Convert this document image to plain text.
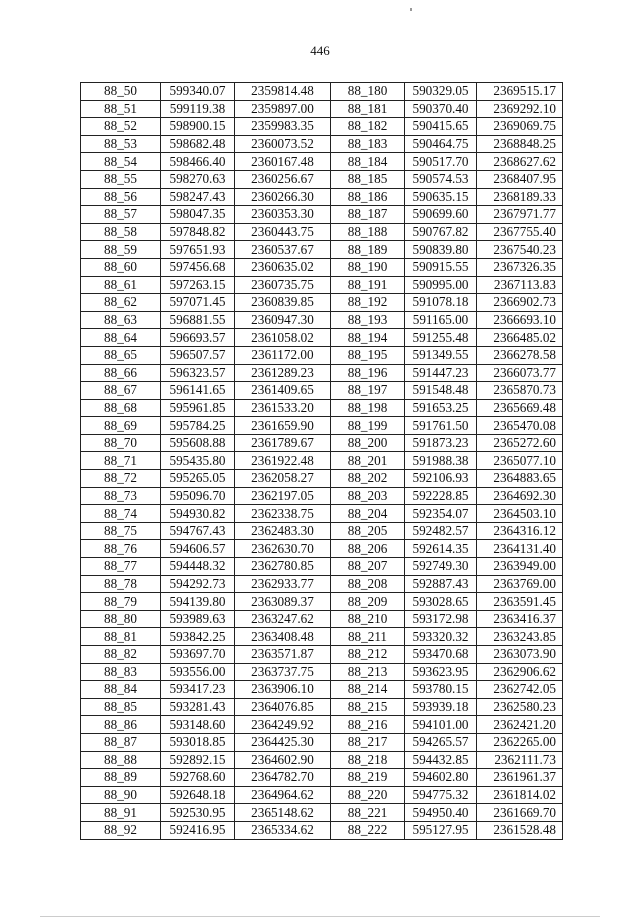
446
88_50	599340.07	2359814.48	88_180	590329.05	2369515.17
88_51	599119.38	2359897.00	88_181	590370.40	2369292.10
88_52	598900.15	2359983.35	88_182	590415.65	2369069.75
88_53	598682.48	2360073.52	88_183	590464.75	2368848.25
88_54	598466.40	2360167.48	88_184	590517.70	2368627.62
88_55	598270.63	2360256.67	88_185	590574.53	2368407.95
88_56	598247.43	2360266.30	88_186	590635.15	2368189.33
88_57	598047.35	2360353.30	88_187	590699.60	2367971.77
88_58	597848.82	2360443.75	88_188	590767.82	2367755.40
88_59	597651.93	2360537.67	88_189	590839.80	2367540.23
88_60	597456.68	2360635.02	88_190	590915.55	2367326.35
88_61	597263.15	2360735.75	88_191	590995.00	2367113.83
88_62	597071.45	2360839.85	88_192	591078.18	2366902.73
88_63	596881.55	2360947.30	88_193	591165.00	2366693.10
88_64	596693.57	2361058.02	88_194	591255.48	2366485.02
88_65	596507.57	2361172.00	88_195	591349.55	2366278.58
88_66	596323.57	2361289.23	88_196	591447.23	2366073.77
88_67	596141.65	2361409.65	88_197	591548.48	2365870.73
88_68	595961.85	2361533.20	88_198	591653.25	2365669.48
88_69	595784.25	2361659.90	88_199	591761.50	2365470.08
88_70	595608.88	2361789.67	88_200	591873.23	2365272.60
88_71	595435.80	2361922.48	88_201	591988.38	2365077.10
88_72	595265.05	2362058.27	88_202	592106.93	2364883.65
88_73	595096.70	2362197.05	88_203	592228.85	2364692.30
88_74	594930.82	2362338.75	88_204	592354.07	2364503.10
88_75	594767.43	2362483.30	88_205	592482.57	2364316.12
88_76	594606.57	2362630.70	88_206	592614.35	2364131.40
88_77	594448.32	2362780.85	88_207	592749.30	2363949.00
88_78	594292.73	2362933.77	88_208	592887.43	2363769.00
88_79	594139.80	2363089.37	88_209	593028.65	2363591.45
88_80	593989.63	2363247.62	88_210	593172.98	2363416.37
88_81	593842.25	2363408.48	88_211	593320.32	2363243.85
88_82	593697.70	2363571.87	88_212	593470.68	2363073.90
88_83	593556.00	2363737.75	88_213	593623.95	2362906.62
88_84	593417.23	2363906.10	88_214	593780.15	2362742.05
88_85	593281.43	2364076.85	88_215	593939.18	2362580.23
88_86	593148.60	2364249.92	88_216	594101.00	2362421.20
88_87	593018.85	2364425.30	88_217	594265.57	2362265.00
88_88	592892.15	2364602.90	88_218	594432.85	2362111.73
88_89	592768.60	2364782.70	88_219	594602.80	2361961.37
88_90	592648.18	2364964.62	88_220	594775.32	2361814.02
88_91	592530.95	2365148.62	88_221	594950.40	2361669.70
88_92	592416.95	2365334.62	88_222	595127.95	2361528.48
